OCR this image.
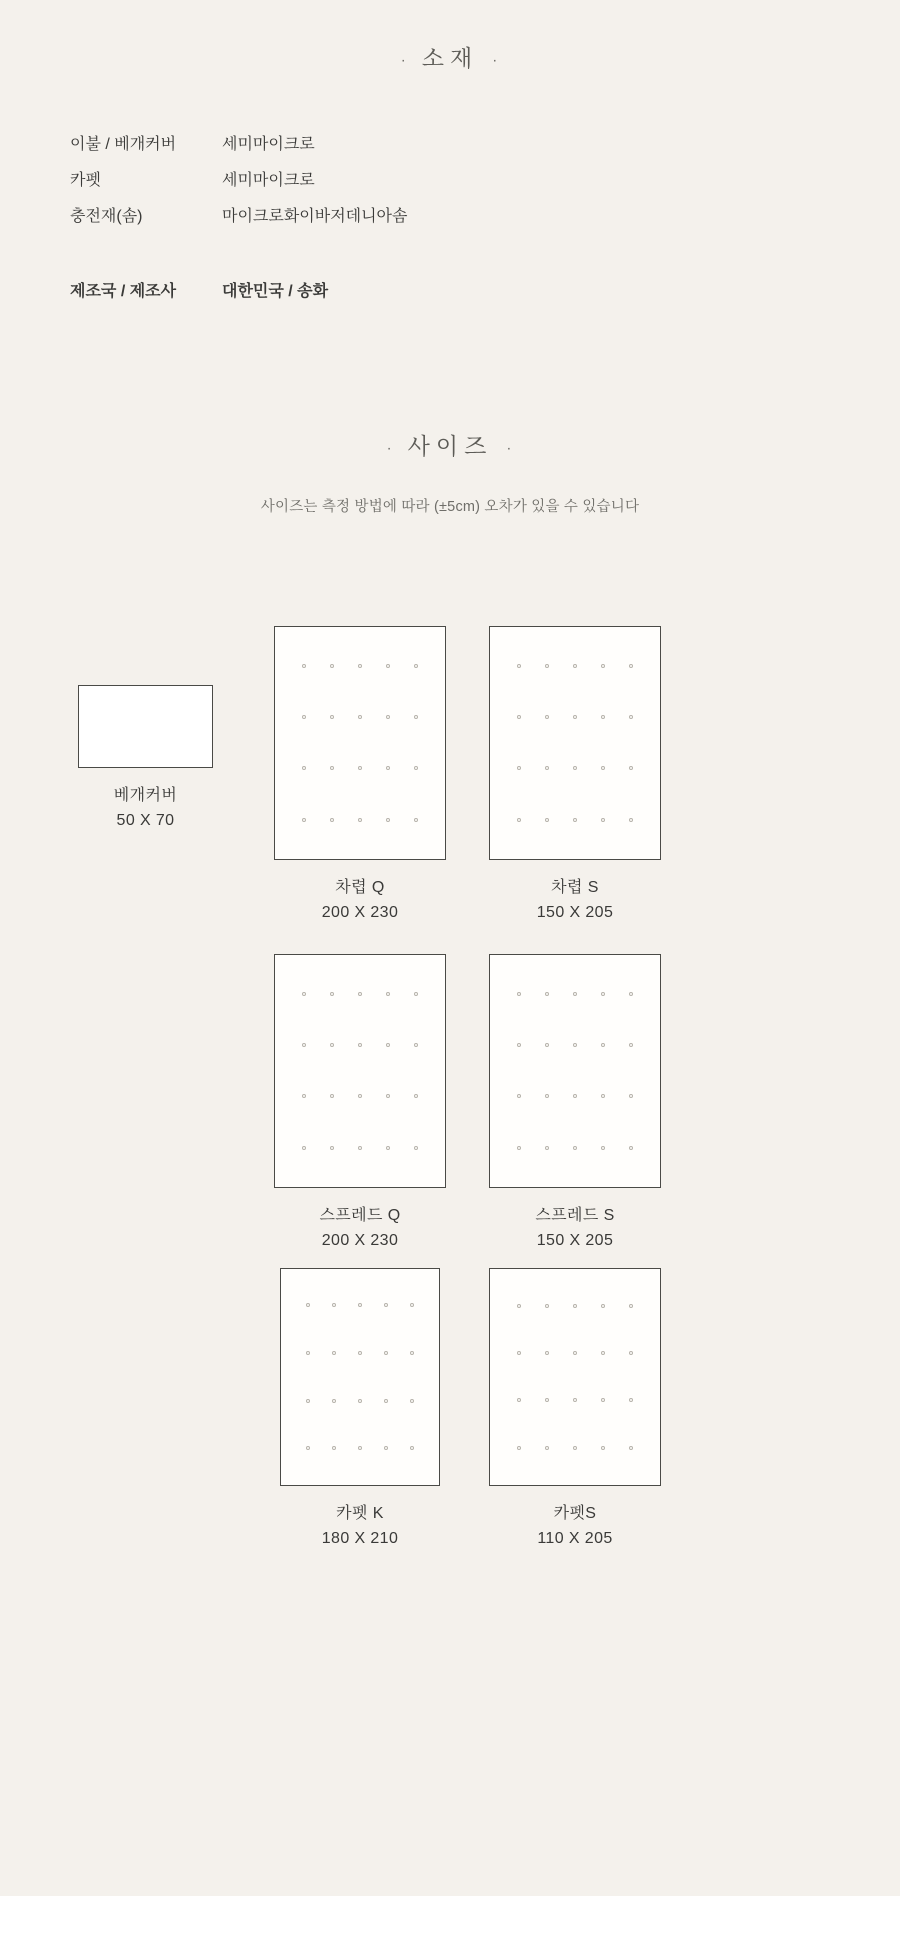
· 소재 ·
이불 / 베개커버	세미마이크로
카펫	세미마이크로
충전재(솜)	마이크로화이바저데니아솜
제조국 / 제조사	대한민국 / 송화
· 사이즈 ·
사이즈는 측정 방법에 따라 (±5cm) 오차가 있을 수 있습니다
베개커버
50 X 70
차렵 Q
200 X 230
차렵 S
150 X 205
스프레드 Q
200 X 230
스프레드 S
150 X 205
카펫 K
180 X 210
카펫S
110 X 205
